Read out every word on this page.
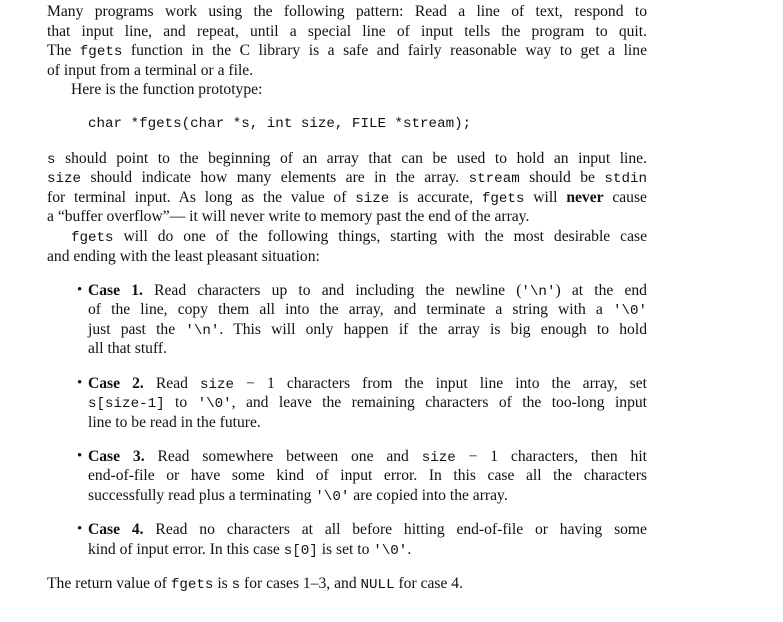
Many programs work using the following pattern: Read a line of text, respond to
that input line, and repeat, until a special line of input tells the program to quit.
The fgets function in the C library is a safe and fairly reasonable way to get a line
of input from a terminal or a file.
Here is the function prototype:
char *fgets(char *s, int size, FILE *stream);
s should point to the beginning of an array that can be used to hold an input line.
size should indicate how many elements are in the array. stream should be stdin
for terminal input. As long as the value of size is accurate, fgets will never cause
a “buffer overflow”— it will never write to memory past the end of the array.
fgets will do one of the following things, starting with the most desirable case
and ending with the least pleasant situation:
• Case 1. Read characters up to and including the newline ('\n') at the end
of the line, copy them all into the array, and terminate a string with a '\0'
just past the '\n'. This will only happen if the array is big enough to hold
all that stuff.
• Case 2. Read size − 1 characters from the input line into the array, set
s[size-1] to '\0', and leave the remaining characters of the too-long input
line to be read in the future.
• Case 3. Read somewhere between one and size − 1 characters, then hit
end-of-file or have some kind of input error. In this case all the characters
successfully read plus a terminating '\0' are copied into the array.
• Case 4. Read no characters at all before hitting end-of-file or having some
kind of input error. In this case s[0] is set to '\0'.
The return value of fgets is s for cases 1–3, and NULL for case 4.
